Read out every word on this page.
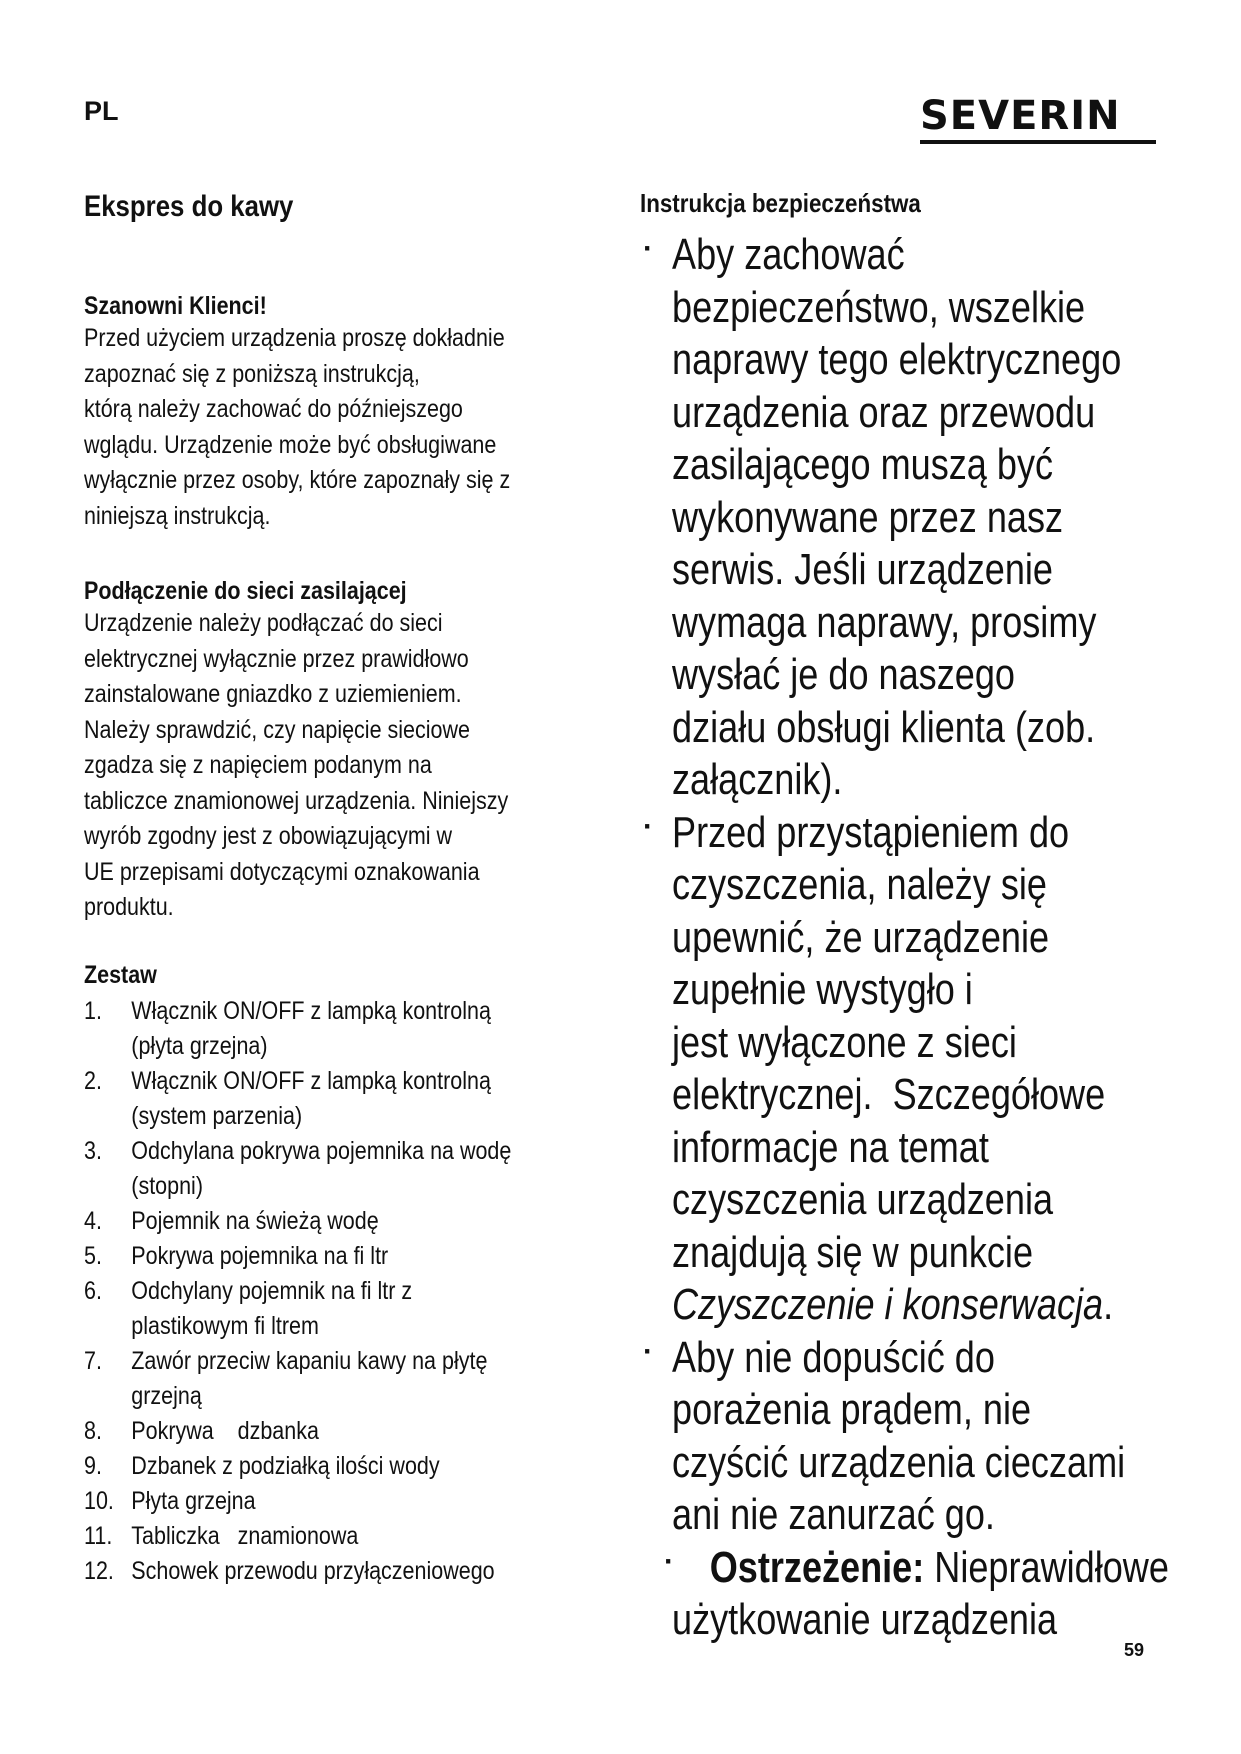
PL	SEVERIN
Ekspres do kawy
Szanowni Klienci!
Przed użyciem urządzenia proszę dokładnie
zapoznać się z poniższą instrukcją,
którą należy zachować do późniejszego
wglądu. Urządzenie może być obsługiwane
wyłącznie przez osoby, które zapoznały się z
niniejszą instrukcją.
Podłączenie do sieci zasilającej
Urządzenie należy podłączać do sieci
elektrycznej wyłącznie przez prawidłowo
zainstalowane gniazdko z uziemieniem.
Należy sprawdzić, czy napięcie sieciowe
zgadza się z napięciem podanym na
tabliczce znamionowej urządzenia. Niniejszy
wyrób zgodny jest z obowiązującymi w
UE przepisami dotyczącymi oznakowania
produktu.
Zestaw
1. Włącznik ON/OFF z lampką kontrolną
(płyta grzejna)
2. Włącznik ON/OFF z lampką kontrolną
(system parzenia)
3. Odchylana pokrywa pojemnika na wodę
(stopni)
4. Pojemnik na świeżą wodę
5. Pokrywa pojemnika na fi ltr
6. Odchylany pojemnik na fi ltr z
plastikowym fi ltrem
7. Zawór przeciw kapaniu kawy na płytę
grzejną
8. Pokrywa    dzbanka
9. Dzbanek z podziałką ilości wody
10. Płyta grzejna
11. Tabliczka   znamionowa
12. Schowek przewodu przyłączeniowego
Instrukcja bezpieczeństwa
· Aby zachować
bezpieczeństwo, wszelkie
naprawy tego elektrycznego
urządzenia oraz przewodu
zasilającego muszą być
wykonywane przez nasz
serwis. Jeśli urządzenie
wymaga naprawy, prosimy
wysłać je do naszego
działu obsługi klienta (zob.
załącznik).
· Przed przystąpieniem do
czyszczenia, należy się
upewnić, że urządzenie
zupełnie wystygło i
jest wyłączone z sieci
elektrycznej.  Szczegółowe
informacje na temat
czyszczenia urządzenia
znajdują się w punkcie
Czyszczenie i konserwacja.
· Aby nie dopuścić do
porażenia prądem, nie
czyścić urządzenia cieczami
ani nie zanurzać go.
· Ostrzeżenie: Nieprawidłowe
użytkowanie urządzenia
59
